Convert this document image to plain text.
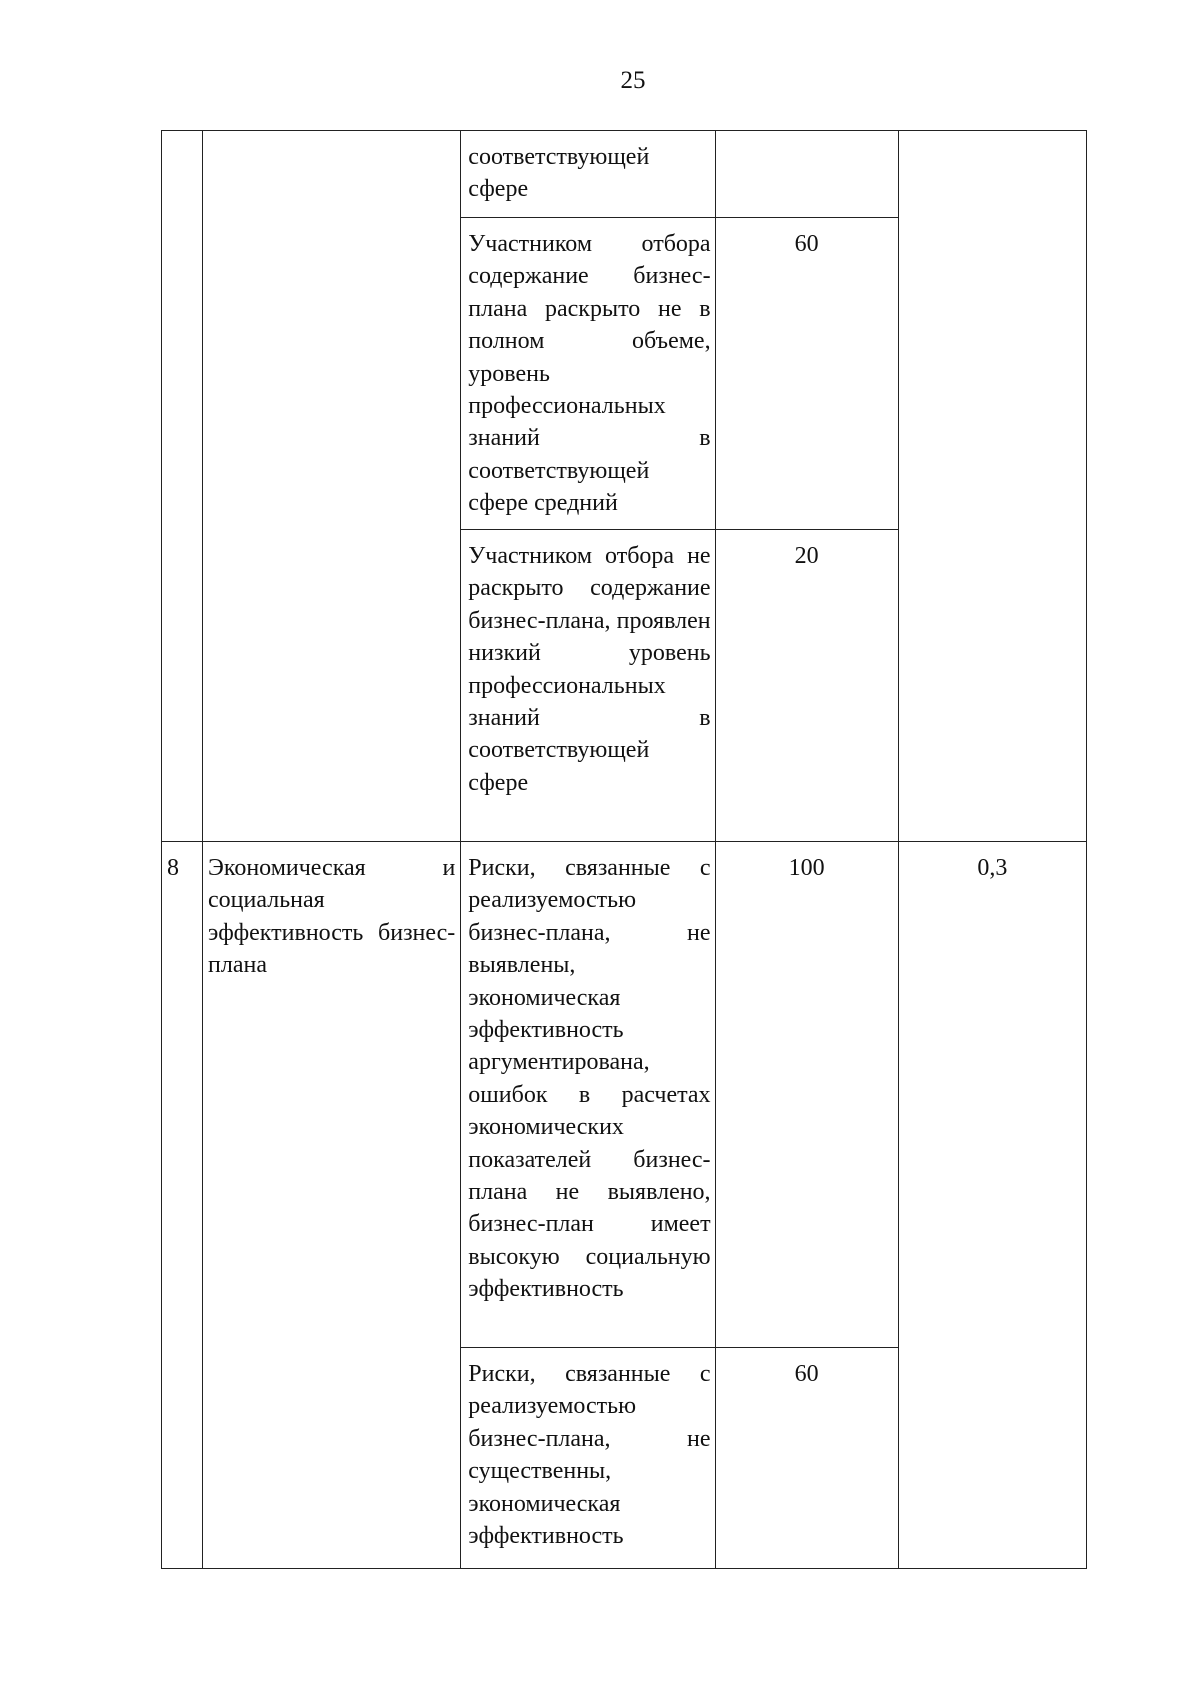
25

		соответствующей сфере		

		Участником отбора содержание бизнес-плана раскрыто не в полном объеме, уровень профессиональных знаний в соответствующей сфере средний	60	

		Участником отбора не раскрыто содержание бизнес-плана, проявлен низкий уровень профессиональных знаний в соответствующей сфере	20	
8	Экономическая и социальная эффективность бизнес-плана	Риски, связанные с реализуемостью бизнес-плана, не выявлены, экономическая эффективность аргументирована, ошибок в расчетах экономических показателей бизнес-плана не выявлено, бизнес-план имеет высокую социальную эффективность	100	0,3

		Риски, связанные с реализуемостью бизнес-плана, не существенны, экономическая эффективность	60	
